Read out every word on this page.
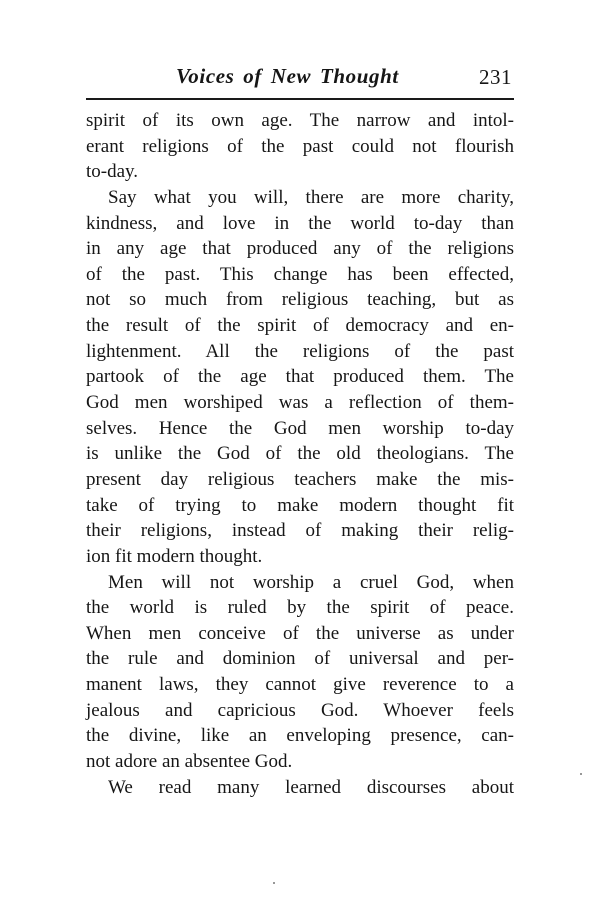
Voices of New Thought	231
spirit of its own age. The narrow and intol-
erant religions of the past could not flourish
to-day.
Say what you will, there are more charity,
kindness, and love in the world to-day than
in any age that produced any of the religions
of the past. This change has been effected,
not so much from religious teaching, but as
the result of the spirit of democracy and en-
lightenment. All the religions of the past
partook of the age that produced them. The
God men worshiped was a reflection of them-
selves. Hence the God men worship to-day
is unlike the God of the old theologians. The
present day religious teachers make the mis-
take of trying to make modern thought fit
their religions, instead of making their relig-
ion fit modern thought.
Men will not worship a cruel God, when
the world is ruled by the spirit of peace.
When men conceive of the universe as under
the rule and dominion of universal and per-
manent laws, they cannot give reverence to a
jealous and capricious God. Whoever feels
the divine, like an enveloping presence, can-
not adore an absentee God.
We read many learned discourses about
